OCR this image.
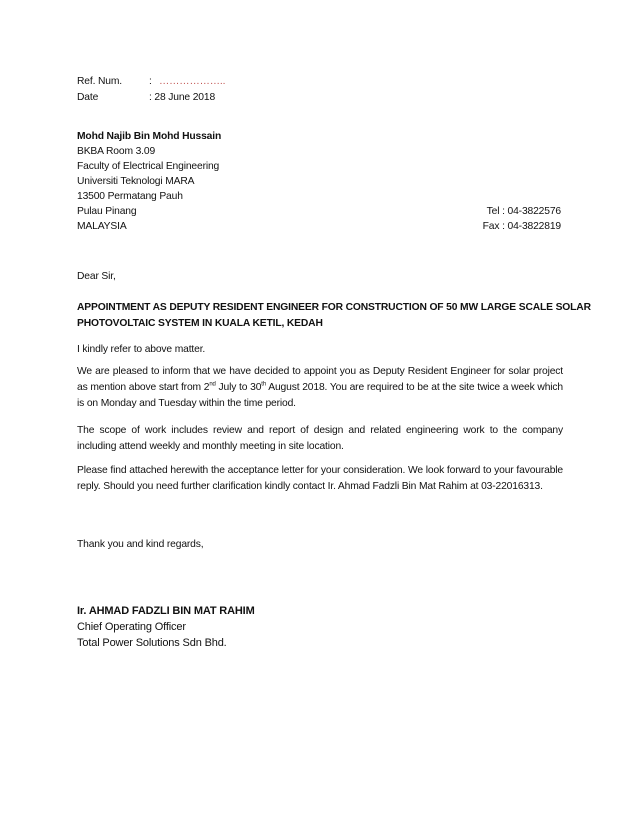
Ref. Num.	: ………………..
Date	: 28 June 2018
Mohd Najib Bin Mohd Hussain
BKBA Room 3.09
Faculty of Electrical Engineering
Universiti Teknologi MARA
13500 Permatang Pauh
Pulau Pinang
MALAYSIA
Tel : 04-3822576
Fax : 04-3822819
Dear Sir,
APPOINTMENT AS DEPUTY RESIDENT ENGINEER FOR CONSTRUCTION OF 50 MW LARGE SCALE SOLAR
PHOTOVOLTAIC SYSTEM IN KUALA KETIL, KEDAH
I kindly refer to above matter.
We are pleased to inform that we have decided to appoint you as Deputy Resident Engineer for solar project as mention above start from 2nd July to 30th August 2018. You are required to be at the site twice a week which is on Monday and Tuesday within the time period.
The scope of work includes review and report of design and related engineering work to the company including attend weekly and monthly meeting in site location.
Please find attached herewith the acceptance letter for your consideration. We look forward to your favourable reply. Should you need further clarification kindly contact Ir. Ahmad Fadzli Bin Mat Rahim at 03-22016313.
Thank you and kind regards,
Ir. AHMAD FADZLI BIN MAT RAHIM
Chief Operating Officer
Total Power Solutions Sdn Bhd.
